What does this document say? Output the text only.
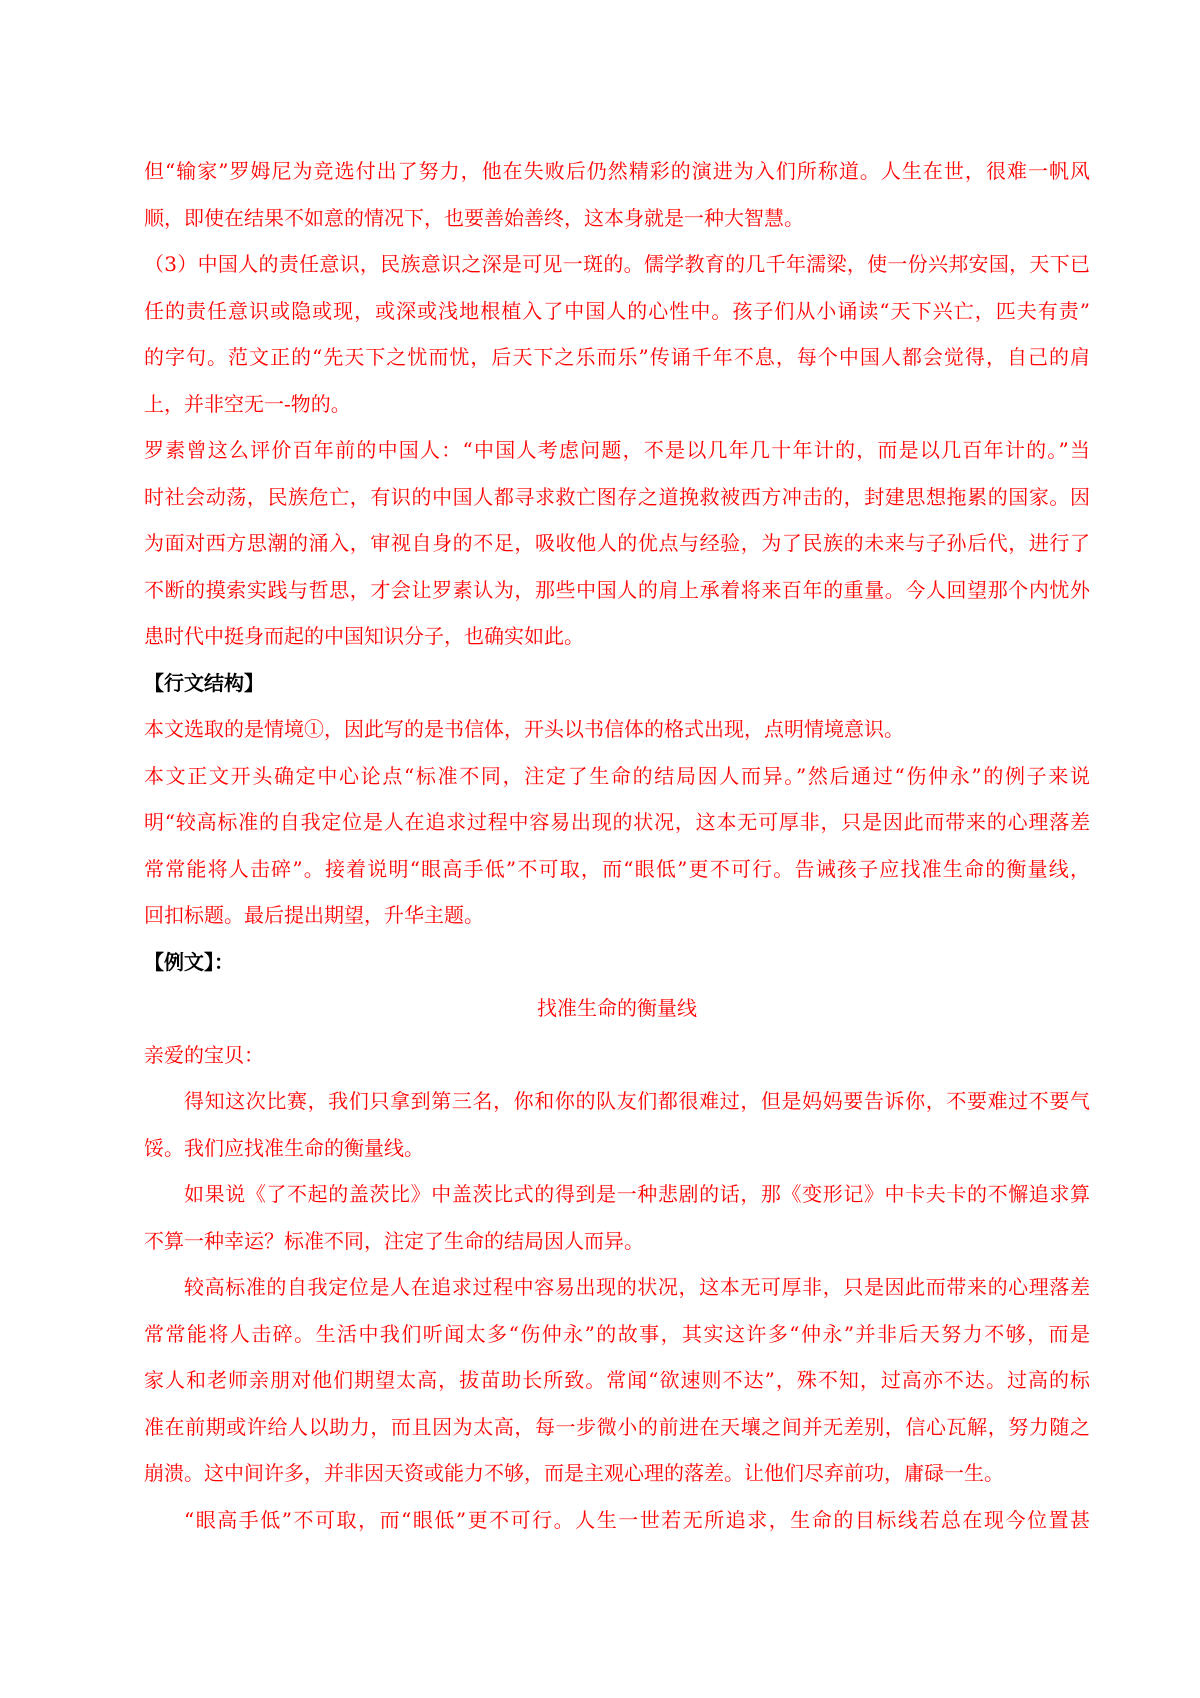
但“输家”罗姆尼为竞选付出了努力，他在失败后仍然精彩的演进为入们所称道。人生在世，很难一帆风
顺，即使在结果不如意的情况下，也要善始善终，这本身就是一种大智慧。
（3）中国人的责任意识，民族意识之深是可见一斑的。儒学教育的几千年濡梁，使一份兴邦安国，天下已
任的责任意识或隐或现，或深或浅地根植入了中国人的心性中。孩子们从小诵读“天下兴亡，匹夫有责”
的字句。范文正的“先天下之忧而忧，后天下之乐而乐”传诵千年不息，每个中国人都会觉得，自己的肩
上，并非空无一-物的。
罗素曾这么评价百年前的中国人：“中国人考虑问题，不是以几年几十年计的，而是以几百年计的。”当
时社会动荡，民族危亡，有识的中国人都寻求救亡图存之道挽救被西方冲击的，封建思想拖累的国家。因
为面对西方思潮的涌入，审视自身的不足，吸收他人的优点与经验，为了民族的未来与子孙后代，进行了
不断的摸索实践与哲思，才会让罗素认为，那些中国人的肩上承着将来百年的重量。今人回望那个内忧外
患时代中挺身而起的中国知识分子，也确实如此。
【行文结构】
本文选取的是情境①，因此写的是书信体，开头以书信体的格式出现，点明情境意识。
本文正文开头确定中心论点“标准不同，注定了生命的结局因人而异。”然后通过“伤仲永”的例子来说
明“较高标准的自我定位是人在追求过程中容易出现的状况，这本无可厚非，只是因此而带来的心理落差
常常能将人击碎”。接着说明“眼高手低”不可取，而“眼低”更不可行。告诫孩子应找准生命的衡量线，
回扣标题。最后提出期望，升华主题。
【例文】：
找准生命的衡量线
亲爱的宝贝：
得知这次比赛，我们只拿到第三名，你和你的队友们都很难过，但是妈妈要告诉你，不要难过不要气
馁。我们应找准生命的衡量线。
如果说《了不起的盖茨比》中盖茨比式的得到是一种悲剧的话，那《变形记》中卡夫卡的不懈追求算
不算一种幸运？标准不同，注定了生命的结局因人而异。
较高标准的自我定位是人在追求过程中容易出现的状况，这本无可厚非，只是因此而带来的心理落差
常常能将人击碎。生活中我们听闻太多“伤仲永”的故事，其实这许多“仲永”并非后天努力不够，而是
家人和老师亲朋对他们期望太高，拔苗助长所致。常闻“欲速则不达”，殊不知，过高亦不达。过高的标
准在前期或许给人以助力，而且因为太高，每一步微小的前进在天壤之间并无差别，信心瓦解，努力随之
崩溃。这中间许多，并非因天资或能力不够，而是主观心理的落差。让他们尽弃前功，庸碌一生。
“眼高手低”不可取，而“眼低”更不可行。人生一世若无所追求，生命的目标线若总在现今位置甚
